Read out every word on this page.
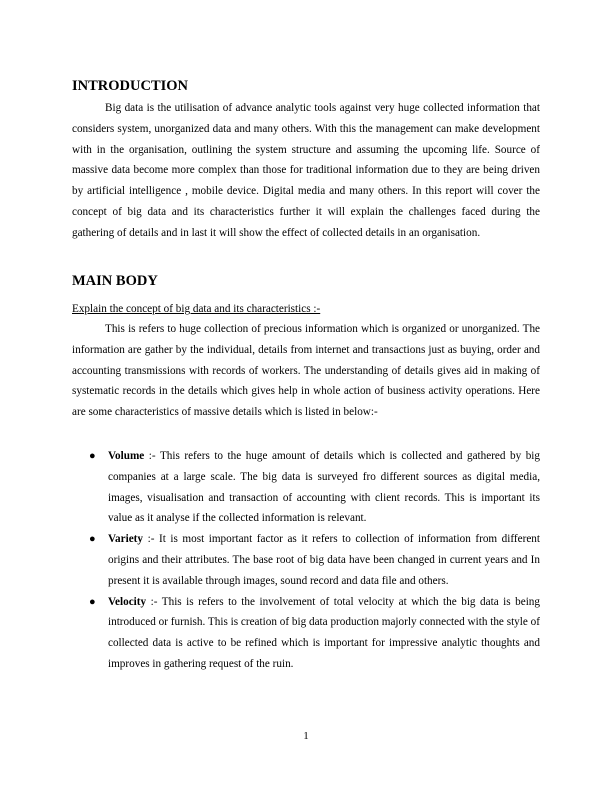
INTRODUCTION

Big data is the utilisation of advance analytic tools against very huge collected information that considers system, unorganized data and many others. With this the management can make development with in the organisation, outlining the system structure and assuming the upcoming life. Source of massive data become more complex than those for traditional information due to they are being driven by artificial intelligence , mobile device. Digital media and many others. In this report will cover the concept of big data and its characteristics further it will explain the challenges faced during the gathering of details and in last it will show the effect of collected details in an organisation.

MAIN BODY

Explain the concept of big data and its characteristics :-

This is refers to huge collection of precious information which is organized or unorganized. The information are gather by the individual, details from internet and transactions just as buying, order and accounting transmissions with records of workers. The understanding of details gives aid in making of systematic records in the details which gives help in whole action of business activity operations. Here are some characteristics of massive details which is listed in below:-

● Volume :- This refers to the huge amount of details which is collected and gathered by big companies at a large scale. The big data is surveyed fro different sources as digital media, images, visualisation and transaction of accounting with client records. This is important its value as it analyse if the collected information is relevant.
● Variety :- It is most important factor as it refers to collection of information from different origins and their attributes. The base root of big data have been changed in current years and In present it is available through images, sound record and data file and others.
● Velocity :- This is refers to the involvement of total velocity at which the big data is being introduced or furnish. This is creation of big data production majorly connected with the style of collected data is active to be refined which is important for impressive analytic thoughts and improves in gathering request of the ruin.
1
